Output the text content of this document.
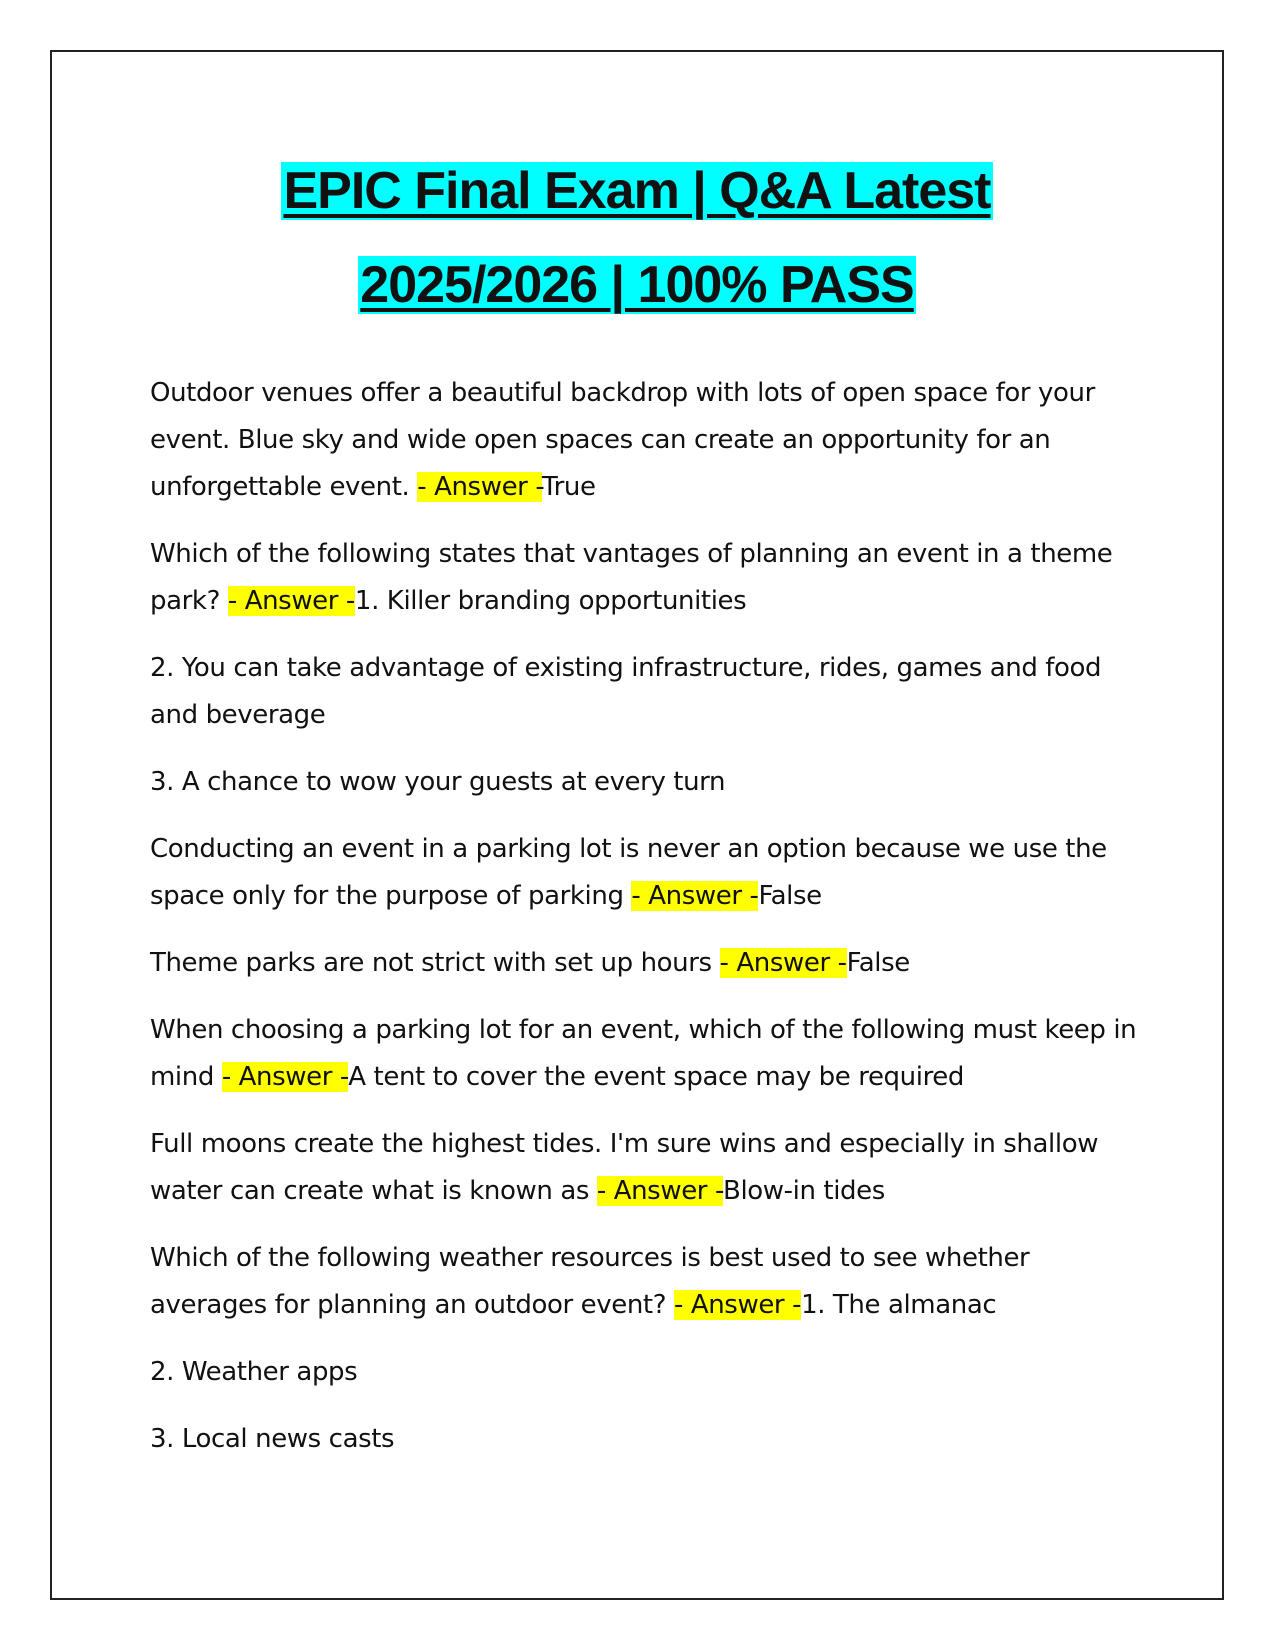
EPIC Final Exam | Q&A Latest
2025/2026 | 100% PASS

Outdoor venues offer a beautiful backdrop with lots of open space for your event. Blue sky and wide open spaces can create an opportunity for an unforgettable event. - Answer -True

Which of the following states that vantages of planning an event in a theme park? - Answer -1. Killer branding opportunities

2. You can take advantage of existing infrastructure, rides, games and food and beverage

3. A chance to wow your guests at every turn

Conducting an event in a parking lot is never an option because we use the space only for the purpose of parking - Answer -False

Theme parks are not strict with set up hours - Answer -False

When choosing a parking lot for an event, which of the following must keep in mind - Answer -A tent to cover the event space may be required

Full moons create the highest tides. I'm sure wins and especially in shallow water can create what is known as - Answer -Blow-in tides

Which of the following weather resources is best used to see whether averages for planning an outdoor event? - Answer -1. The almanac

2. Weather apps

3. Local news casts
